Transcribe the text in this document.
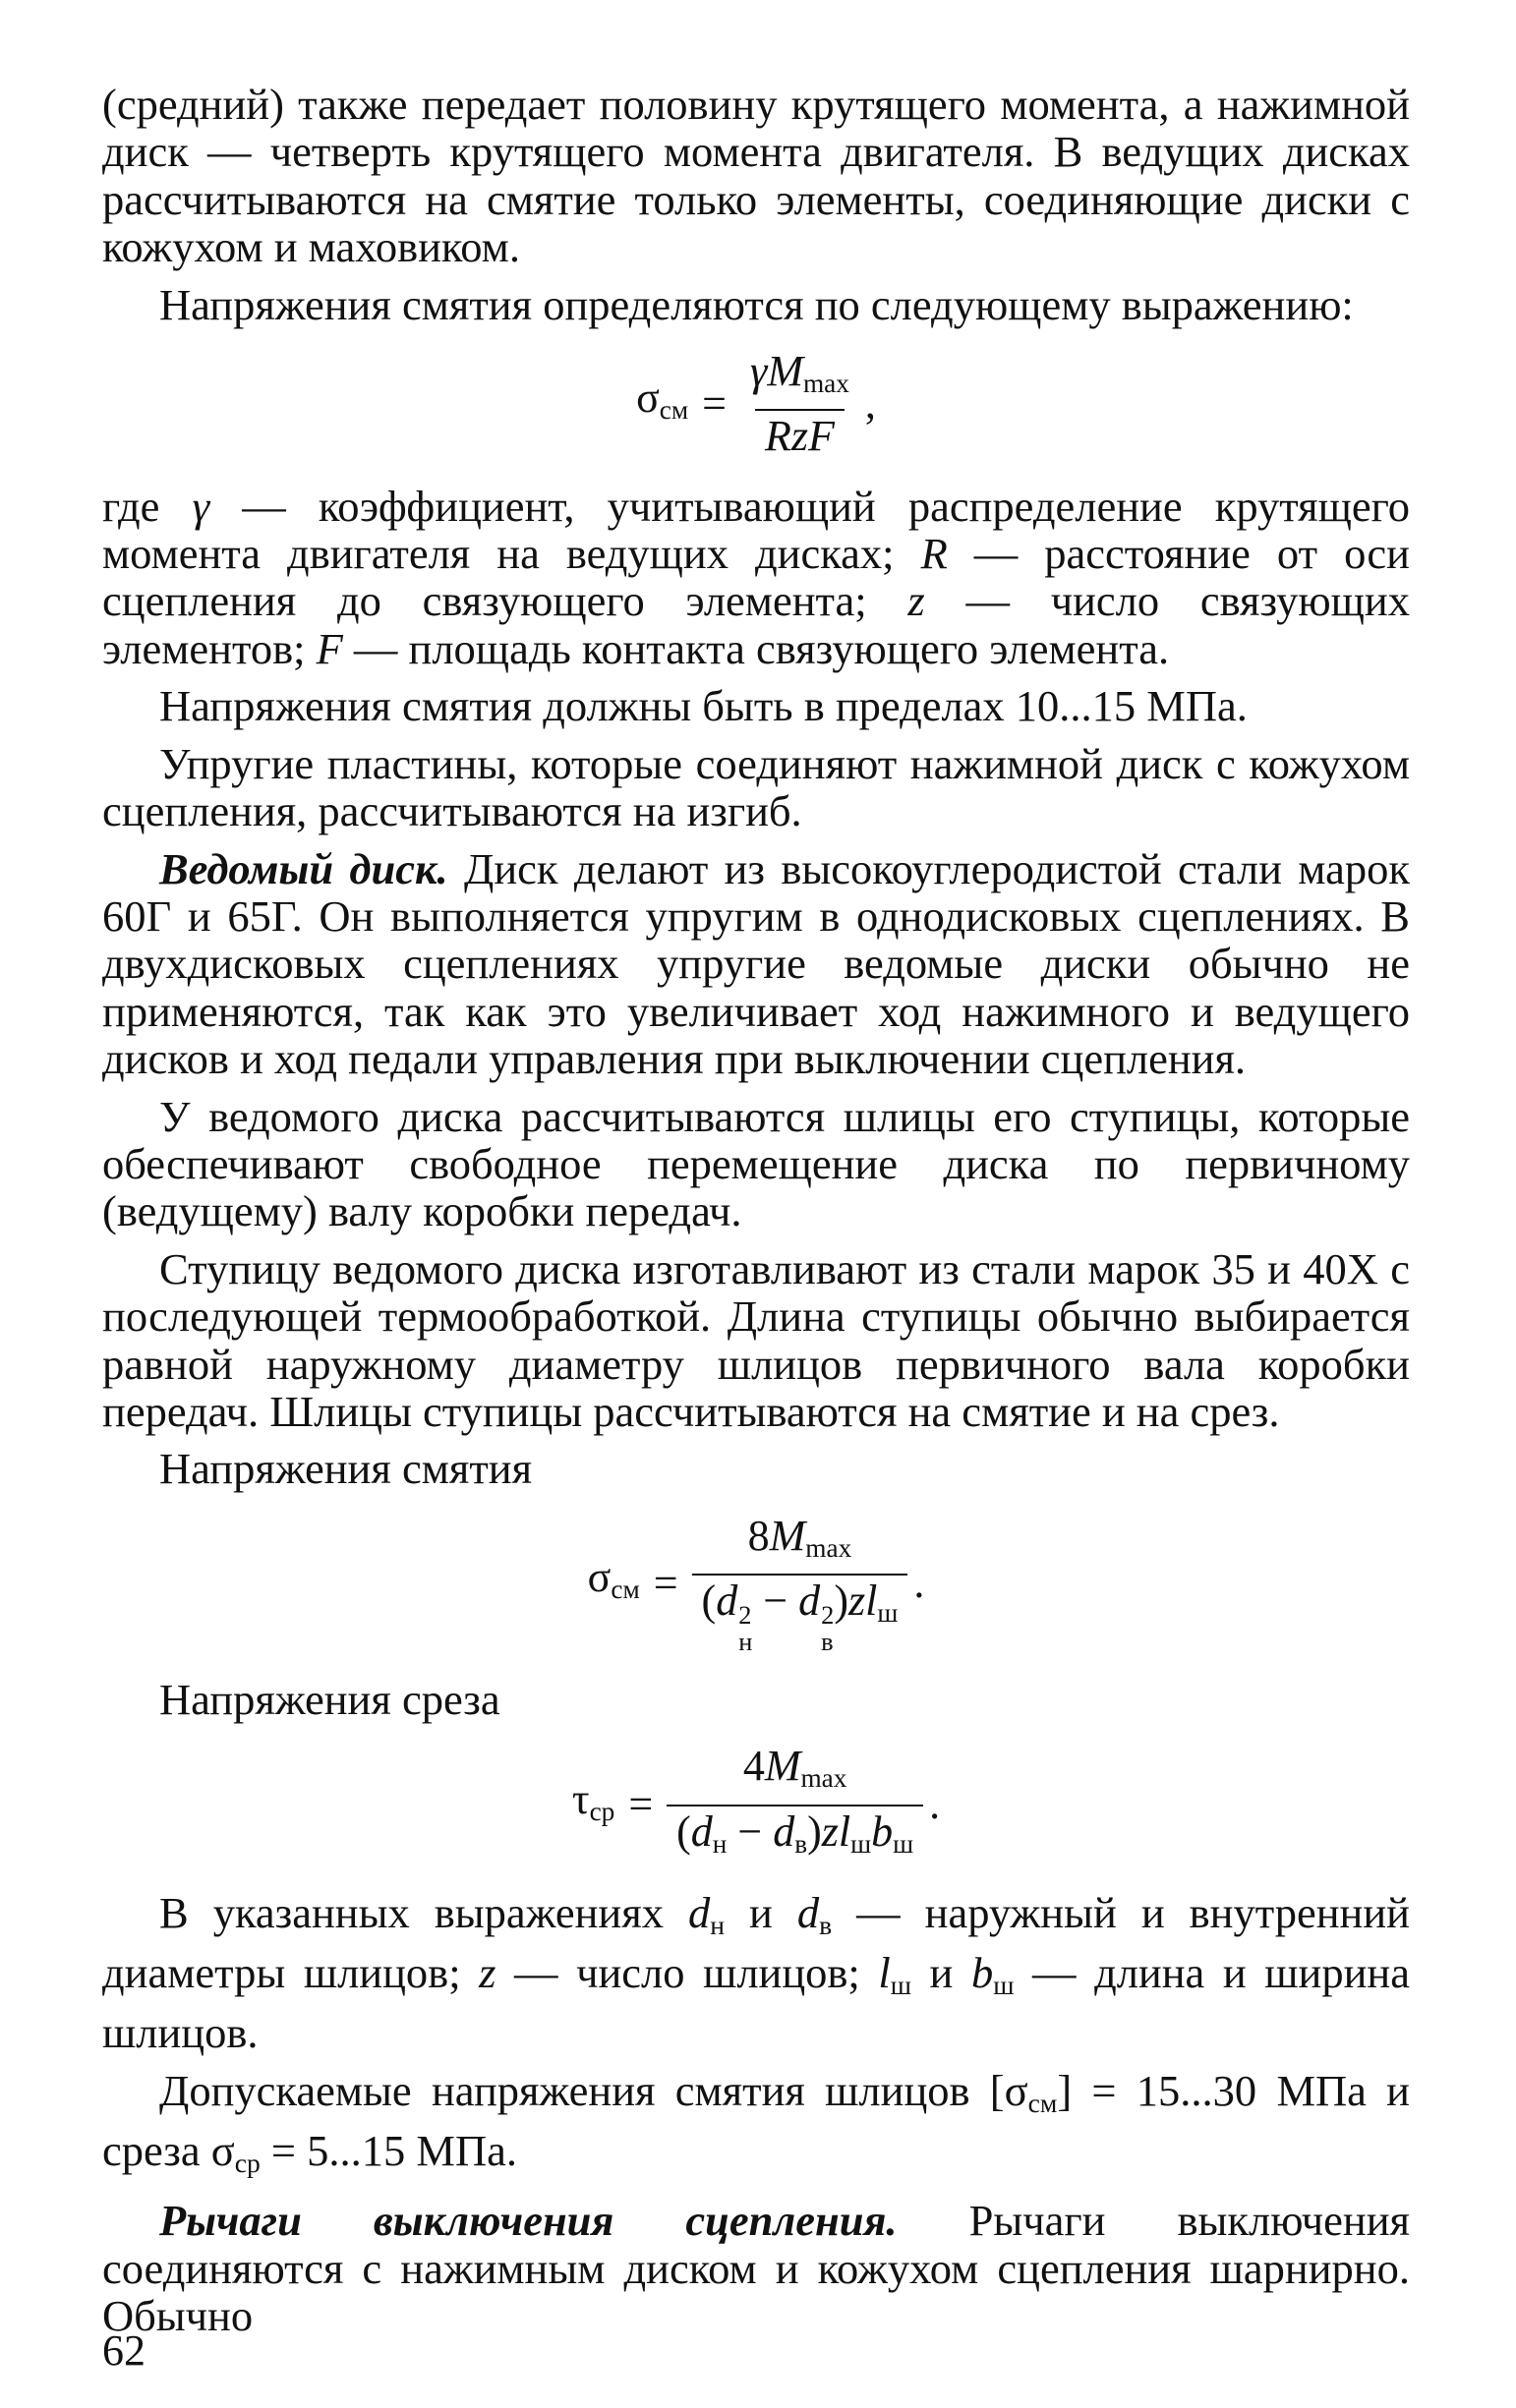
(средний) также передает половину крутящего момента, а нажимной диск — четверть крутящего момента двигателя. В ведущих дисках рассчитываются на смятие только элементы, соединяющие диски с кожухом и маховиком.

Напряжения смятия определяются по следующему выражению:

$\sigma_{см} = \frac{\gamma M_{max}}{\text{RzF}}$ ,

где γ — коэффициент, учитывающий распределение крутящего момента двигателя на ведущих дисках; R — расстояние от оси сцепления до связующего элемента; z — число связующих элементов; F — площадь контакта связующего элемента.

Напряжения смятия должны быть в пределах 10...15 МПа.

Упругие пластины, которые соединяют нажимной диск с кожухом сцепления, рассчитываются на изгиб.

Ведомый диск. Диск делают из высокоуглеродистой стали марок 60Г и 65Г. Он выполняется упругим в однодисковых сцеплениях. В двухдисковых сцеплениях упругие ведомые диски обычно не применяются, так как это увеличивает ход нажимного и ведущего дисков и ход педали управления при выключении сцепления.

У ведомого диска рассчитываются шлицы его ступицы, которые обеспечивают свободное перемещение диска по первичному (ведущему) валу коробки передач.

Ступицу ведомого диска изготавливают из стали марок 35 и 40Х с последующей термообработкой. Длина ступицы обычно выбирается равной наружному диаметру шлицов первичного вала коробки передач. Шлицы ступицы рассчитываются на смятие и на срез.

Напряжения смятия

$\sigma_{см} = 8M_{max}$
(d 2
н
− d 2
в
)$zl_ш$ .

Напряжения среза

$\tau_{ср} = \frac{4M_{max}}{(d_н - d_в)zl_шb_ш}$ .

В указанных выражениях $d_н$ и $d_в$ — наружный и внутренний диаметры шлицов; z — число шлицов; $l_ш$ и $b_ш$ — длина и ширина шлицов.

Допускаемые напряжения смятия шлицов $[\sigma_{см}] = 15...30$ МПа и среза $\sigma_{ср} = 5...15$ МПа.

Рычаги выключения сцепления. Рычаги выключения соединяются с нажимным диском и кожухом сцепления шарнирно. Обычно

62
